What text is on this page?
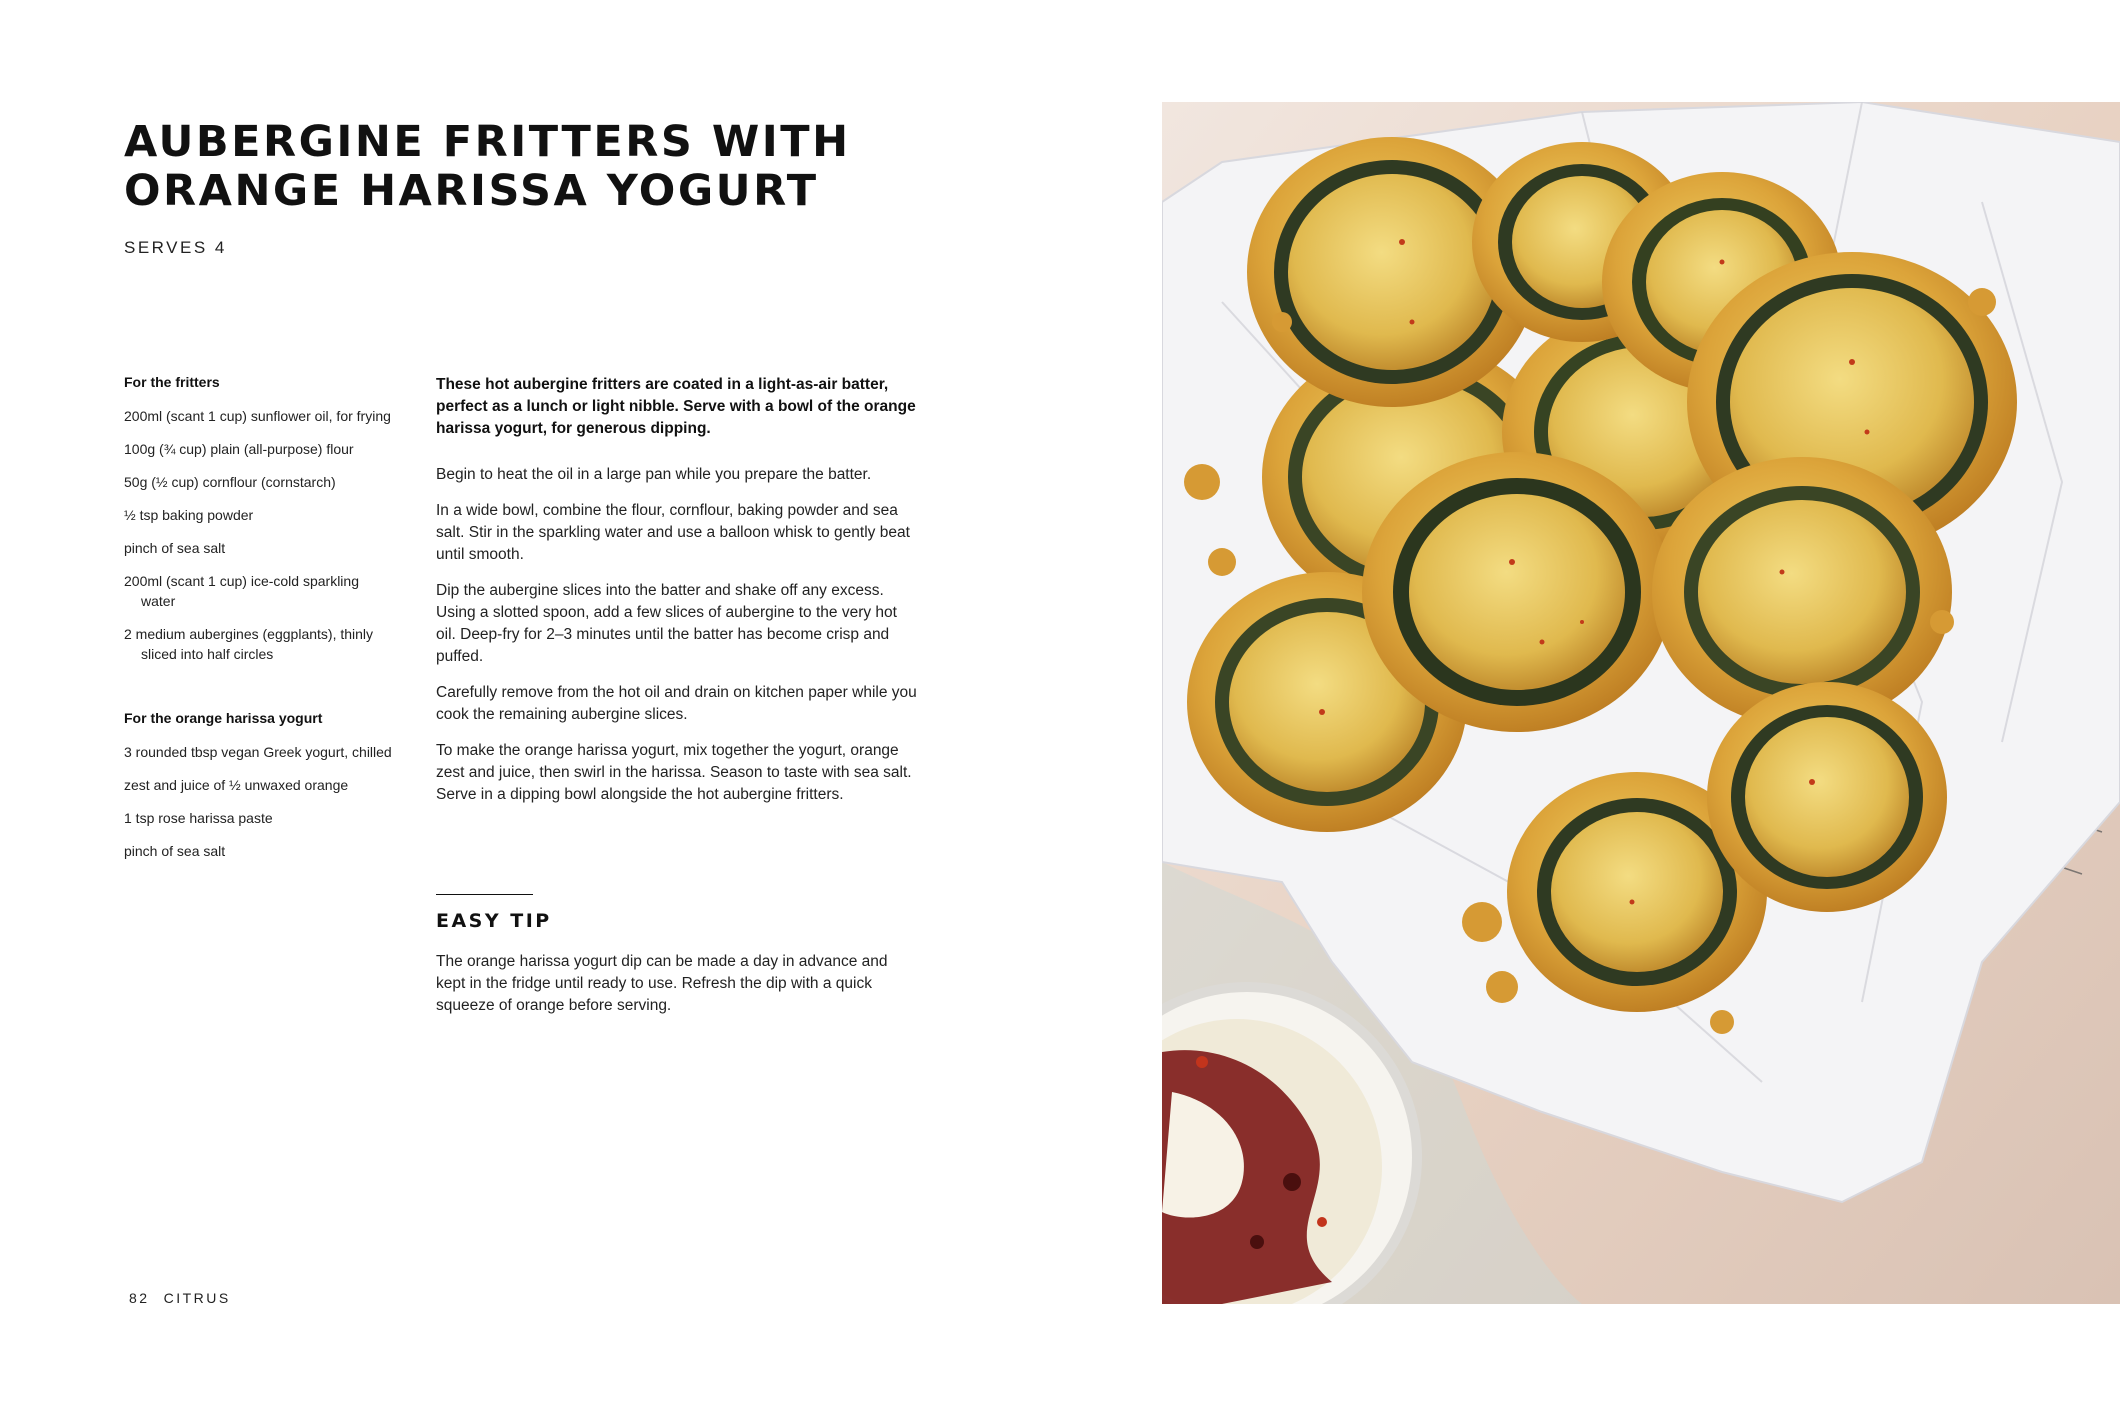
AUBERGINE FRITTERS WITH
ORANGE HARISSA YOGURT
SERVES 4
For the fritters
200ml (scant 1 cup) sunflower oil, for frying
100g (¾ cup) plain (all-purpose) flour
50g (½ cup) cornflour (cornstarch)
½ tsp baking powder
pinch of sea salt
200ml (scant 1 cup) ice-cold sparkling water
2 medium aubergines (eggplants), thinly sliced into half circles
For the orange harissa yogurt
3 rounded tbsp vegan Greek yogurt, chilled
zest and juice of ½ unwaxed orange
1 tsp rose harissa paste
pinch of sea salt

These hot aubergine fritters are coated in a light-as-air batter, perfect as a lunch or light nibble. Serve with a bowl of the orange harissa yogurt, for generous dipping.

Begin to heat the oil in a large pan while you prepare the batter.

In a wide bowl, combine the flour, cornflour, baking powder and sea salt. Stir in the sparkling water and use a balloon whisk to gently beat until smooth.

Dip the aubergine slices into the batter and shake off any excess. Using a slotted spoon, add a few slices of aubergine to the very hot oil. Deep-fry for 2–3 minutes until the batter has become crisp and puffed.

Carefully remove from the hot oil and drain on kitchen paper while you cook the remaining aubergine slices.

To make the orange harissa yogurt, mix together the yogurt, orange zest and juice, then swirl in the harissa. Season to taste with sea salt. Serve in a dipping bowl alongside the hot aubergine fritters.

EASY TIP

The orange harissa yogurt dip can be made a day in advance and kept in the fridge until ready to use. Refresh the dip with a quick squeeze of orange before serving.

82 CITRUS
